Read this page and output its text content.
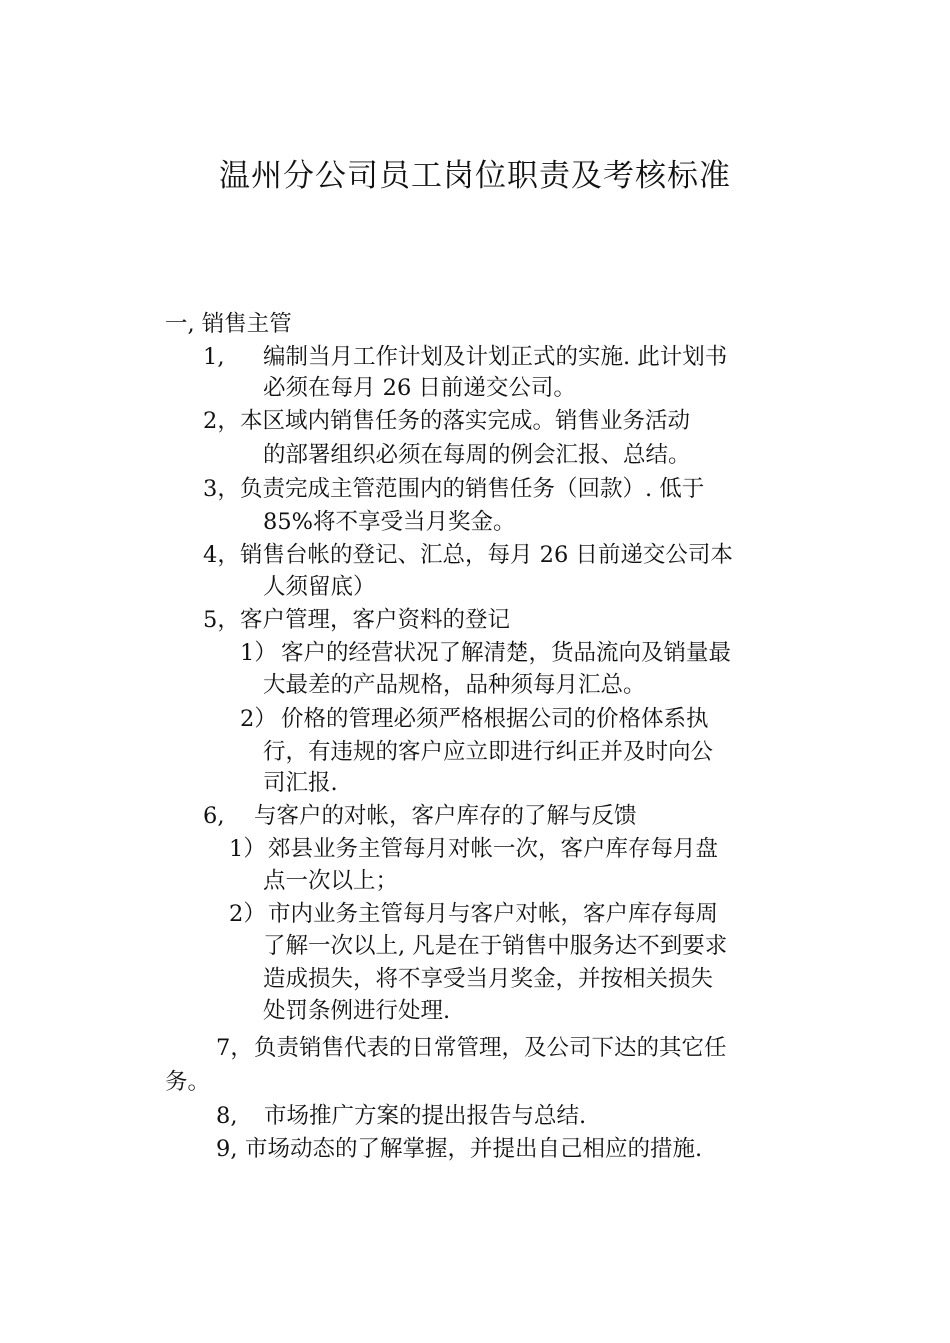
温州分公司员工岗位职责及考核标准
一, 销售主管
1, 编制当月工作计划及计划正式的实施. 此计划书
必须在每月 26 日前递交公司。
2， 本区域内销售任务的落实完成。销售业务活动
的部署组织必须在每周的例会汇报、总结。
3， 负责完成主管范围内的销售任务（回款）. 低于
85%将不享受当月奖金。
4， 销售台帐的登记、汇总，每月 26 日前递交公司本
人须留底）
5， 客户管理，客户资料的登记
1） 客户的经营状况了解清楚，货品流向及销量最
大最差的产品规格，品种须每月汇总。
2） 价格的管理必须严格根据公司的价格体系执
行，有违规的客户应立即进行纠正并及时向公
司汇报.
6, 与客户的对帐，客户库存的了解与反馈
1） 郊县业务主管每月对帐一次，客户库存每月盘
点一次以上；
2） 市内业务主管每月与客户对帐，客户库存每周
了解一次以上, 凡是在于销售中服务达不到要求
造成损失，将不享受当月奖金，并按相关损失
处罚条例进行处理.
7， 负责销售代表的日常管理，及公司下达的其它任
务。
8, 市场推广方案的提出报告与总结.
9, 市场动态的了解掌握，并提出自己相应的措施.
